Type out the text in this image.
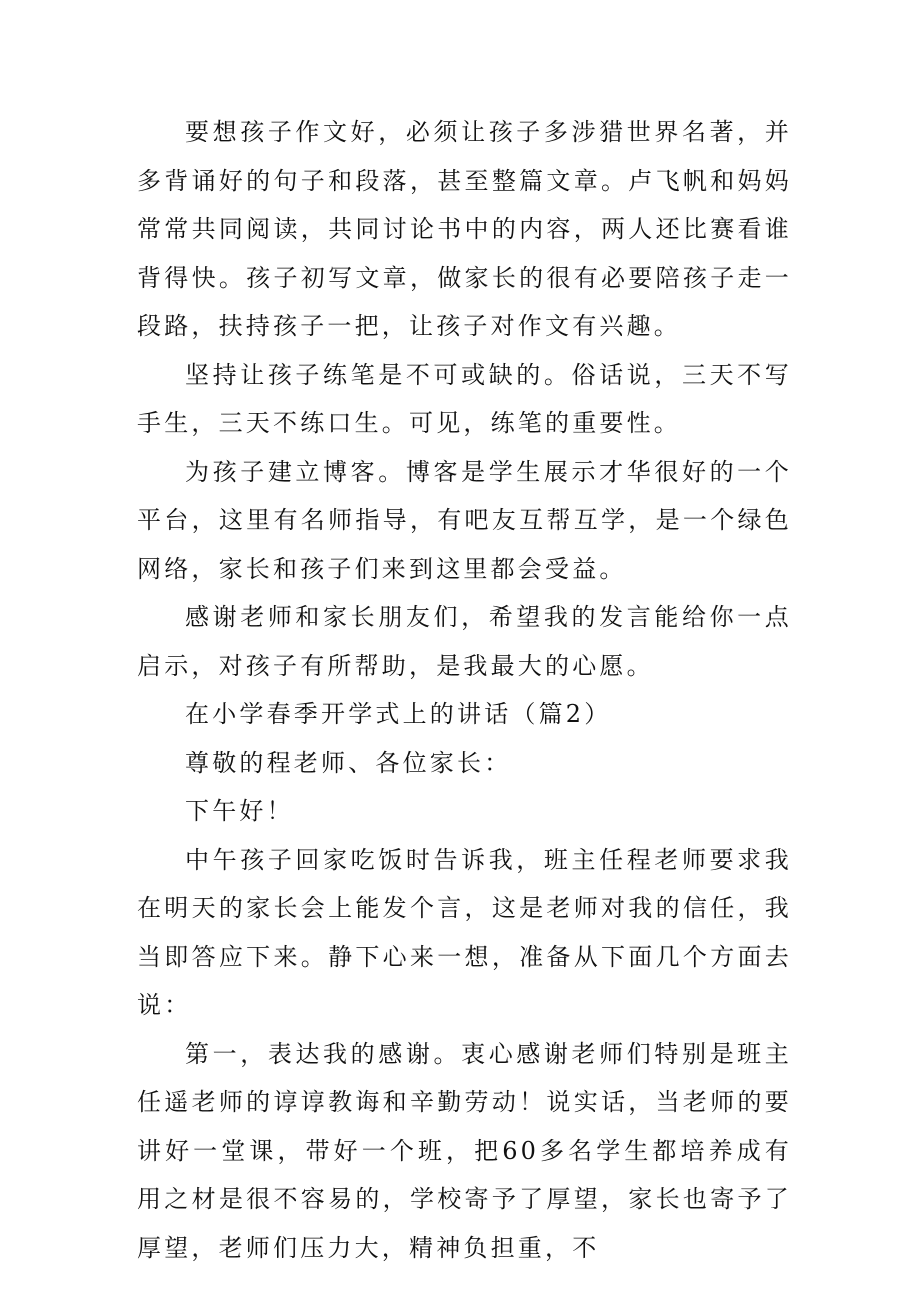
要想孩子作文好，必须让孩子多涉猎世界名著，并多背诵好的句子和段落，甚至整篇文章。卢飞帆和妈妈常常共同阅读，共同讨论书中的内容，两人还比赛看谁背得快。孩子初写文章，做家长的很有必要陪孩子走一段路，扶持孩子一把，让孩子对作文有兴趣。

坚持让孩子练笔是不可或缺的。俗话说，三天不写手生，三天不练口生。可见，练笔的重要性。

为孩子建立博客。博客是学生展示才华很好的一个平台，这里有名师指导，有吧友互帮互学，是一个绿色网络，家长和孩子们来到这里都会受益。

感谢老师和家长朋友们，希望我的发言能给你一点启示，对孩子有所帮助，是我最大的心愿。

在小学春季开学式上的讲话（篇2）

尊敬的程老师、各位家长：

下午好！

中午孩子回家吃饭时告诉我，班主任程老师要求我在明天的家长会上能发个言，这是老师对我的信任，我当即答应下来。静下心来一想，准备从下面几个方面去说：

第一，表达我的感谢。衷心感谢老师们特别是班主任遥老师的谆谆教诲和辛勤劳动！说实话，当老师的要讲好一堂课，带好一个班，把60多名学生都培养成有用之材是很不容易的，学校寄予了厚望，家长也寄予了厚望，老师们压力大，精神负担重，不
